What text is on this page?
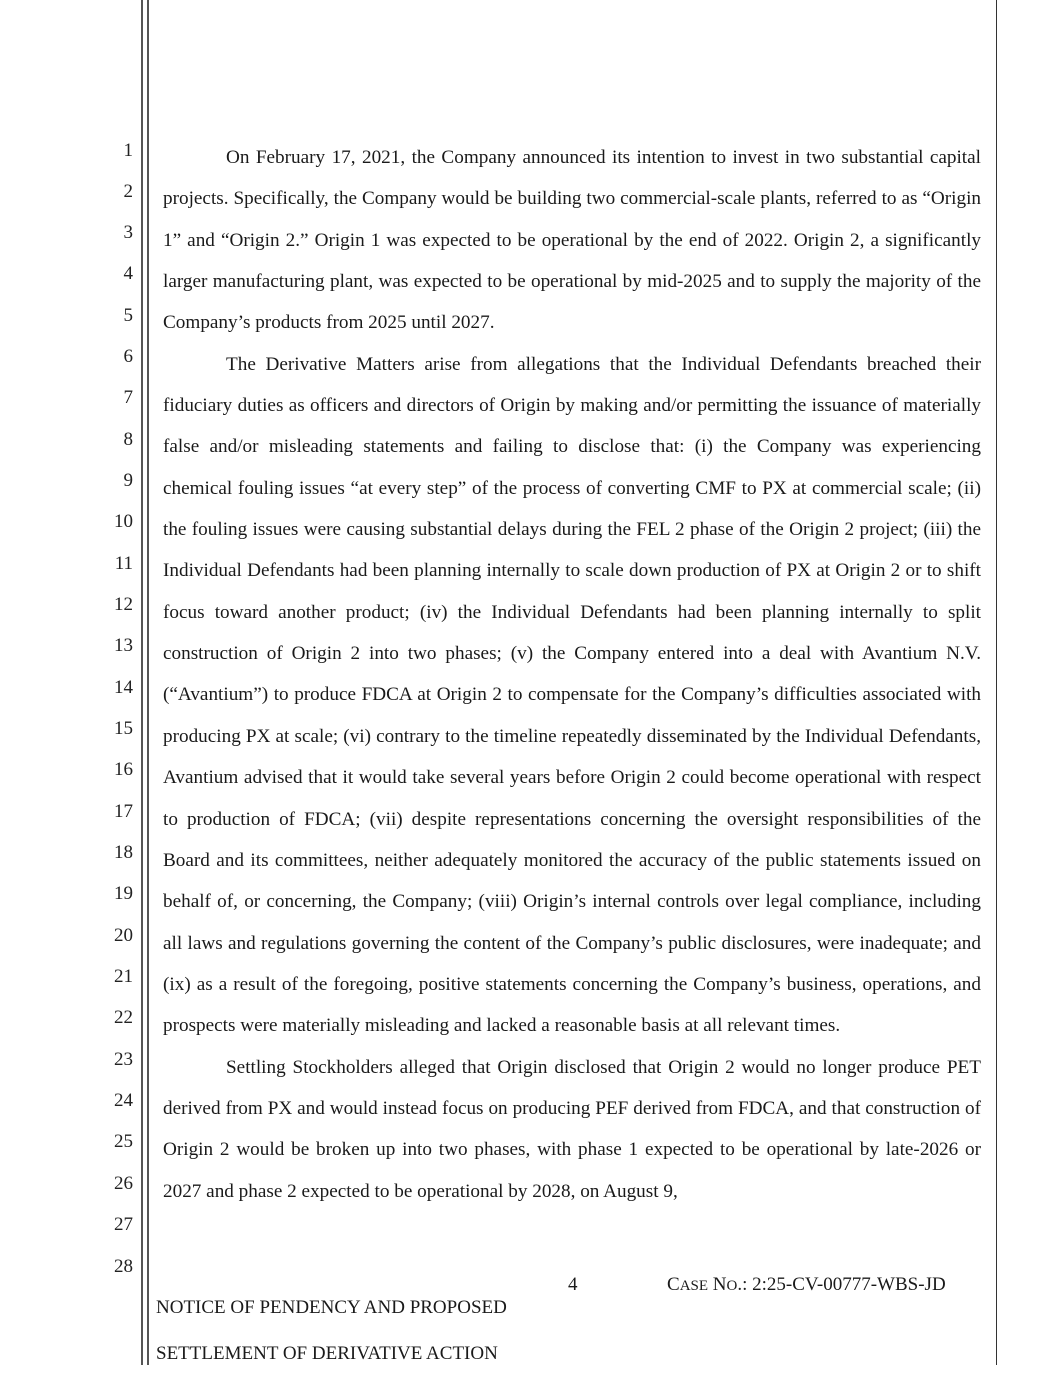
1
2
3
4
5
6
7
8
9
10
11
12
13
14
15
16
17
18
19
20
21
22
23
24
25
26
27
28

On February 17, 2021, the Company announced its intention to invest in two substantial capital projects. Specifically, the Company would be building two commercial-scale plants, referred to as “Origin 1” and “Origin 2.” Origin 1 was expected to be operational by the end of 2022. Origin 2, a significantly larger manufacturing plant, was expected to be operational by mid-2025 and to supply the majority of the Company’s products from 2025 until 2027.

The Derivative Matters arise from allegations that the Individual Defendants breached their fiduciary duties as officers and directors of Origin by making and/or permitting the issuance of materially false and/or misleading statements and failing to disclose that: (i) the Company was experiencing chemical fouling issues “at every step” of the process of converting CMF to PX at commercial scale; (ii) the fouling issues were causing substantial delays during the FEL 2 phase of the Origin 2 project; (iii) the Individual Defendants had been planning internally to scale down production of PX at Origin 2 or to shift focus toward another product; (iv) the Individual Defendants had been planning internally to split construction of Origin 2 into two phases; (v) the Company entered into a deal with Avantium N.V. (“Avantium”) to produce FDCA at Origin 2 to compensate for the Company’s difficulties associated with producing PX at scale; (vi) contrary to the timeline repeatedly disseminated by the Individual Defendants, Avantium advised that it would take several years before Origin 2 could become operational with respect to production of FDCA; (vii) despite representations concerning the oversight responsibilities of the Board and its committees, neither adequately monitored the accuracy of the public statements issued on behalf of, or concerning, the Company; (viii) Origin’s internal controls over legal compliance, including all laws and regulations governing the content of the Company’s public disclosures, were inadequate; and (ix) as a result of the foregoing, positive statements concerning the Company’s business, operations, and prospects were materially misleading and lacked a reasonable basis at all relevant times.

Settling Stockholders alleged that Origin disclosed that Origin 2 would no longer produce PET derived from PX and would instead focus on producing PEF derived from FDCA, and that construction of Origin 2 would be broken up into two phases, with phase 1 expected to be operational by late-2026 or 2027 and phase 2 expected to be operational by 2028, on August 9,

NOTICE OF PENDENCY AND PROPOSED

SETTLEMENT OF DERIVATIVE ACTION

4	CASE NO.: 2:25-CV-00777-WBS-JD
